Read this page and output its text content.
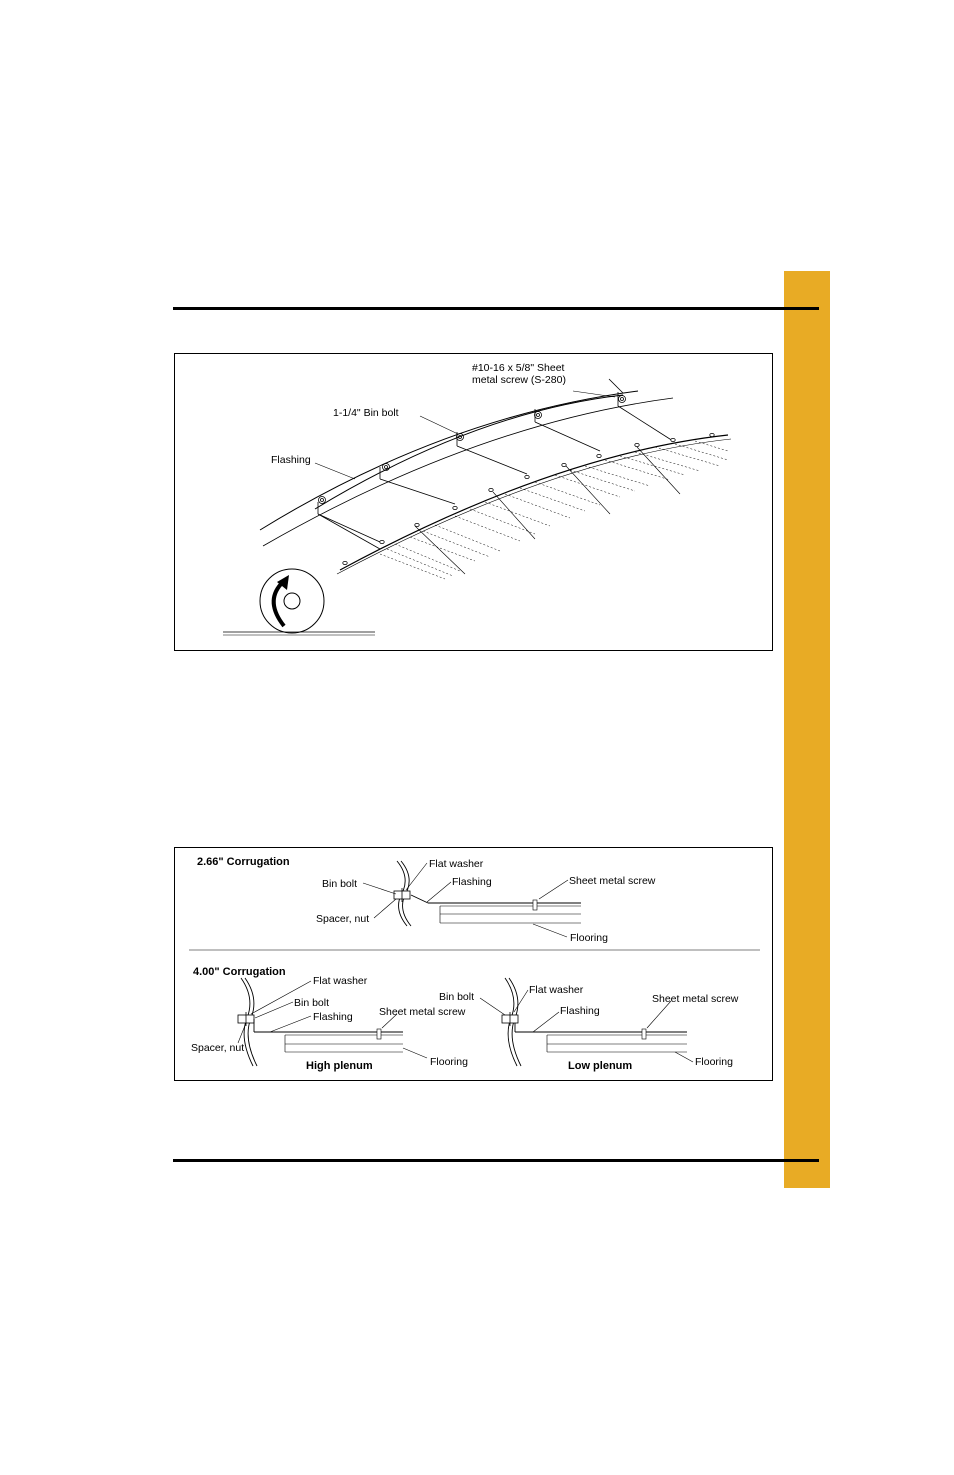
#10-16 x 5/8" Sheet
metal screw (S-280)
1-1/4" Bin bolt
Flashing
2.66" Corrugation	Flat washer
Bin bolt	Flashing	Sheet metal screw
Spacer, nut
Flooring
4.00" Corrugation
Flat washer
Bin bolt
Flashing	Sheet metal screw
Spacer, nut
Flooring
High plenum
Bin bolt
Flat washer
Flashing
Sheet metal screw
Flooring
Low plenum
